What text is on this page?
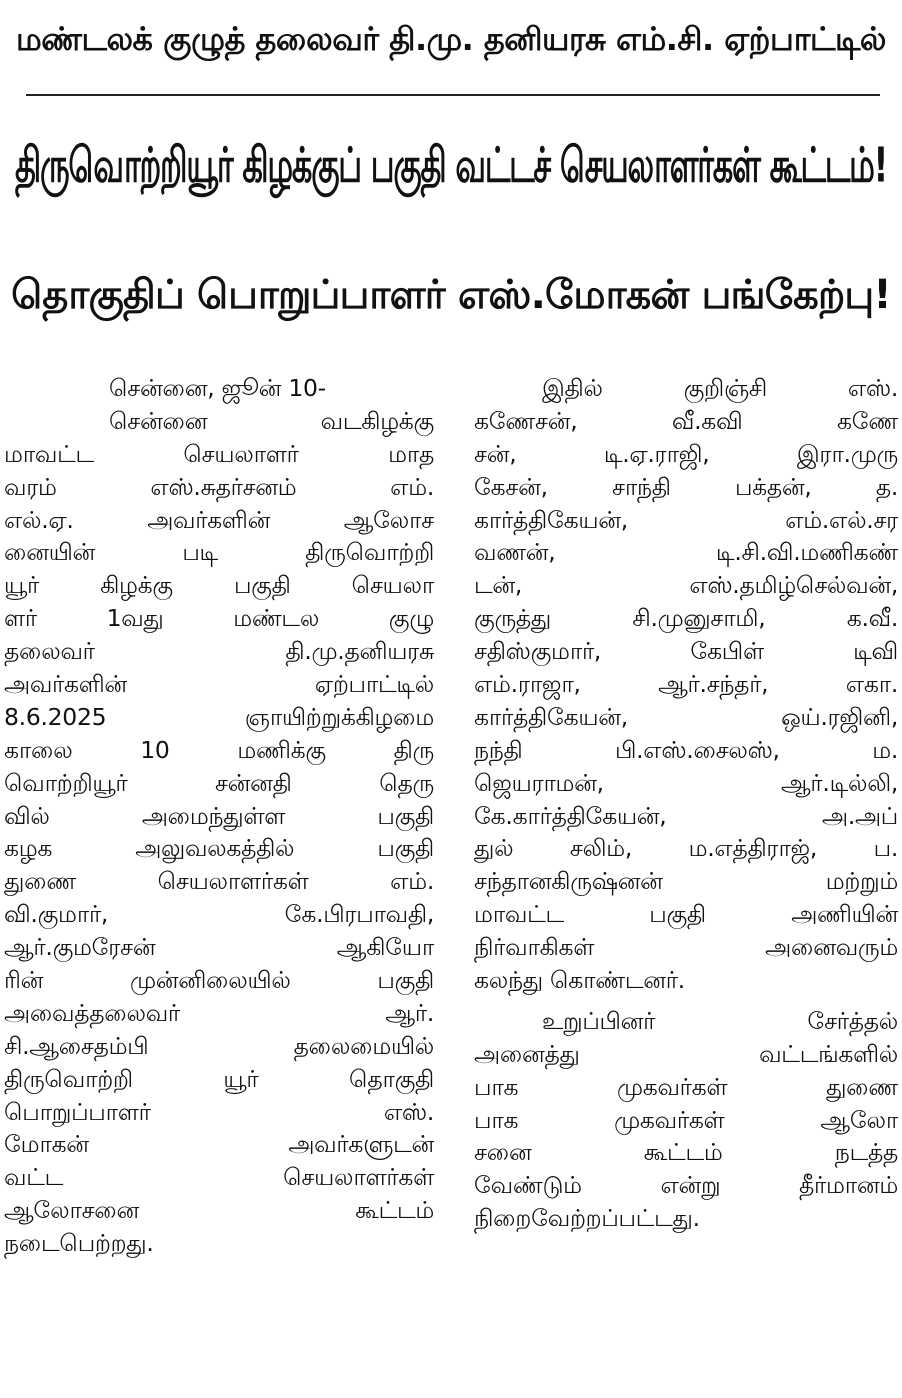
மண்டலக் குழுத் தலைவர் தி.மு. தனியரசு எம்.சி. ஏற்பாட்டில்
திருவொற்றியூர் கிழக்குப் பகுதி வட்டச் செயலாளர்கள் கூட்டம்!
தொகுதிப் பொறுப்பாளர் எஸ்.மோகன் பங்கேற்பு!
சென்னை, ஜூன் 10-
சென்னை வடகிழக்கு
மாவட்ட செயலாளர் மாத
வரம் எஸ்.சுதர்சனம் எம்.
எல்.ஏ. அவர்களின் ஆலோச
னையின் படி திருவொற்றி
யூர் கிழக்கு பகுதி செயலா
ளர் 1வது மண்டல குழு
தலைவர் தி.மு.தனியரசு
அவர்களின் ஏற்பாட்டில்
8.6.2025 ஞாயிற்றுக்கிழமை
காலை 10 மணிக்கு திரு
வொற்றியூர் சன்னதி தெரு
வில் அமைந்துள்ள பகுதி
கழக அலுவலகத்தில் பகுதி
துணை செயலாளர்கள் எம்.
வி.குமார், கே.பிரபாவதி,
ஆர்.குமரேசன் ஆகியோ
ரின் முன்னிலையில் பகுதி
அவைத்தலைவர் ஆர்.
சி.ஆசைதம்பி தலைமையில்
திருவொற்றி யூர் தொகுதி
பொறுப்பாளர் எஸ்.
மோகன் அவர்களுடன்
வட்ட செயலாளர்கள்
ஆலோசனை கூட்டம்
நடைபெற்றது.
இதில் குறிஞ்சி எஸ்.
கணேசன், வீ.கவி கணே
சன், டி.ஏ.ராஜி, இரா.முரு
கேசன், சாந்தி பக்தன், த.
கார்த்திகேயன், எம்.எல்.சர
வணன், டி.சி.வி.மணிகண்
டன், எஸ்.தமிழ்செல்வன்,
குருத்து சி.முனுசாமி, க.வீ.
சதிஸ்குமார், கேபிள் டிவி
எம்.ராஜா, ஆர்.சந்தர், எகா.
கார்த்திகேயன், ஒய்.ரஜினி,
நந்தி பி.எஸ்.சைலஸ், ம.
ஜெயராமன், ஆர்.டில்லி,
கே.கார்த்திகேயன், அ.அப்
துல் சலிம், ம.எத்திராஜ், ப.
சந்தானகிருஷ்னன் மற்றும்
மாவட்ட பகுதி அணியின்
நிர்வாகிகள் அனைவரும்
கலந்து கொண்டனர்.
உறுப்பினர் சேர்த்தல்
அனைத்து வட்டங்களில்
பாக முகவர்கள் துணை
பாக முகவர்கள் ஆலோ
சனை கூட்டம் நடத்த
வேண்டும் என்று தீர்மானம்
நிறைவேற்றப்பட்டது.
